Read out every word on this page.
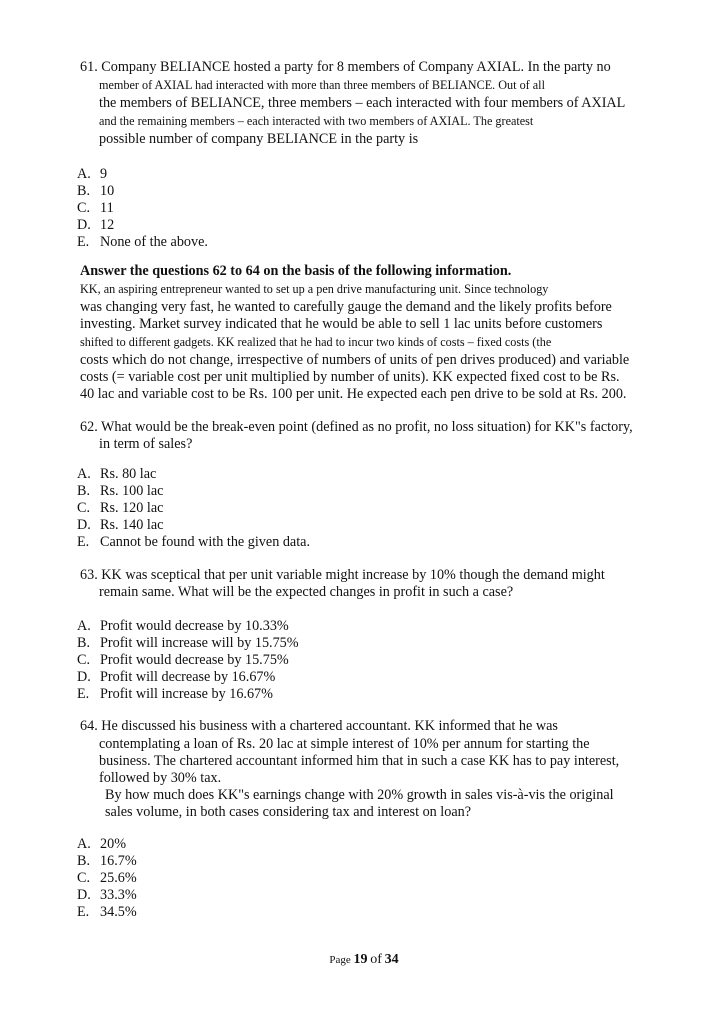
61. Company BELIANCE hosted a party for 8 members of Company AXIAL. In the party no
member of AXIAL had interacted with more than three members of BELIANCE. Out of all
the members of BELIANCE, three members – each interacted with four members of AXIAL
and the remaining members – each interacted with two members of AXIAL. The greatest
possible number of company BELIANCE in the party is
A. 9
B. 10
C. 11
D. 12
E. None of the above.
Answer the questions 62 to 64 on the basis of the following information.
KK, an aspiring entrepreneur wanted to set up a pen drive manufacturing unit. Since technology
was changing very fast, he wanted to carefully gauge the demand and the likely profits before
investing. Market survey indicated that he would be able to sell 1 lac units before customers
shifted to different gadgets. KK realized that he had to incur two kinds of costs – fixed costs (the
costs which do not change, irrespective of numbers of units of pen drives produced) and variable
costs (= variable cost per unit multiplied by number of units). KK expected fixed cost to be Rs.
40 lac and variable cost to be Rs. 100 per unit. He expected each pen drive to be sold at Rs. 200.
62. What would be the break-even point (defined as no profit, no loss situation) for KK"s factory,
in term of sales?
A. Rs. 80 lac
B. Rs. 100 lac
C. Rs. 120 lac
D. Rs. 140 lac
E. Cannot be found with the given data.
63. KK was sceptical that per unit variable might increase by 10% though the demand might
remain same. What will be the expected changes in profit in such a case?
A. Profit would decrease by 10.33%
B. Profit will increase will by 15.75%
C. Profit would decrease by 15.75%
D. Profit will decrease by 16.67%
E. Profit will increase by 16.67%
64. He discussed his business with a chartered accountant. KK informed that he was
contemplating a loan of Rs. 20 lac at simple interest of 10% per annum for starting the
business. The chartered accountant informed him that in such a case KK has to pay interest,
followed by 30% tax.
By how much does KK"s earnings change with 20% growth in sales vis-à-vis the original
sales volume, in both cases considering tax and interest on loan?
A. 20%
B. 16.7%
C. 25.6%
D. 33.3%
E. 34.5%
Page 19 of 34
